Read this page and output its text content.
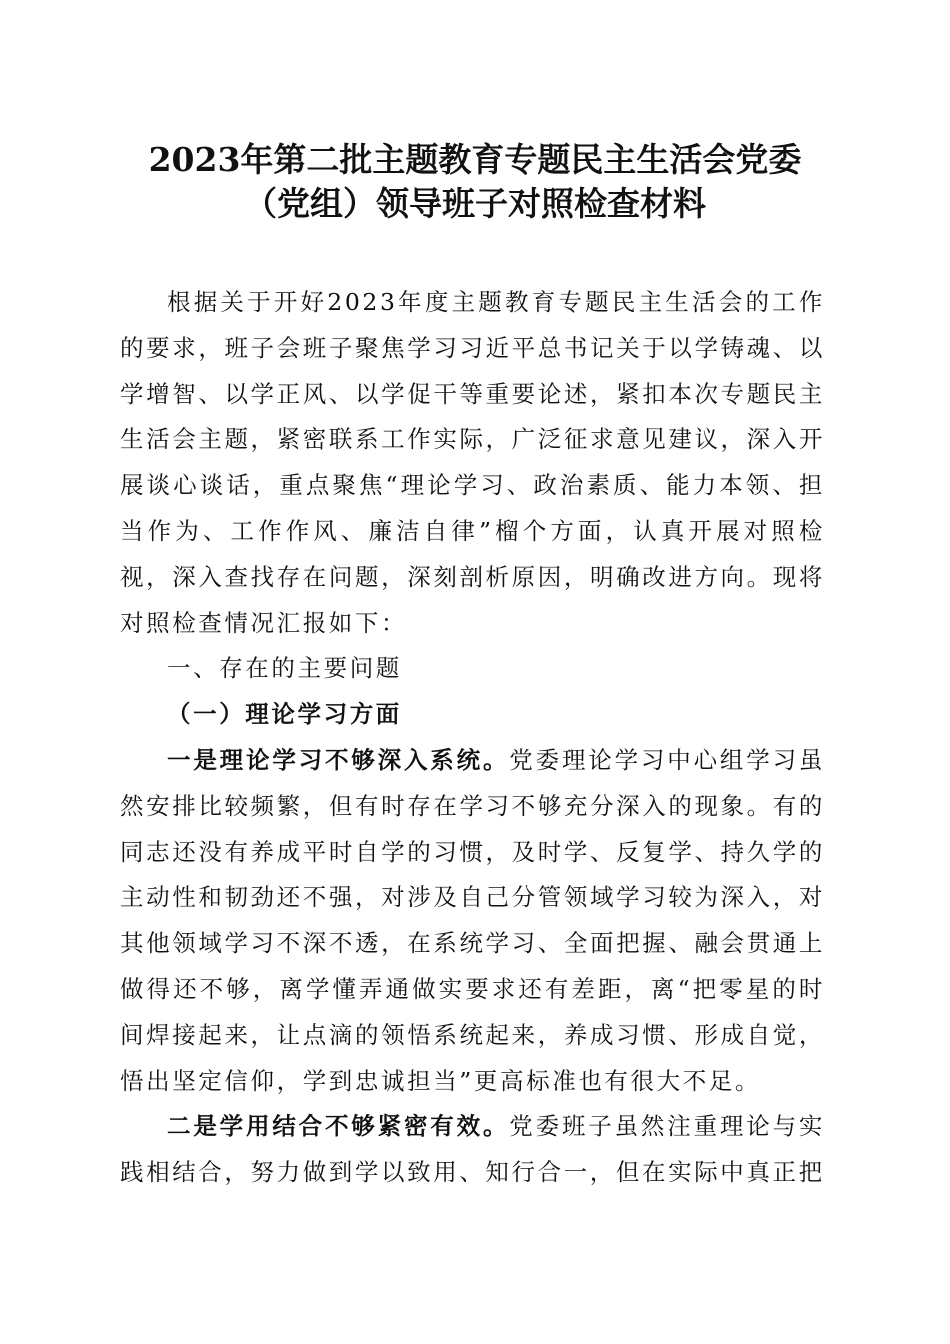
2023年第二批主题教育专题民主生活会党委
（党组）领导班子对照检查材料

根据关于开好2023年度主题教育专题民主生活会的工作的要求，班子会班子聚焦学习习近平总书记关于以学铸魂、以学增智、以学正风、以学促干等重要论述，紧扣本次专题民主生活会主题，紧密联系工作实际，广泛征求意见建议，深入开展谈心谈话，重点聚焦“理论学习、政治素质、能力本领、担当作为、工作作风、廉洁自律”榴个方面，认真开展对照检视，深入查找存在问题，深刻剖析原因，明确改进方向。现将对照检查情况汇报如下：

一、存在的主要问题

（一）理论学习方面

一是理论学习不够深入系统。党委理论学习中心组学习虽然安排比较频繁，但有时存在学习不够充分深入的现象。有的同志还没有养成平时自学的习惯，及时学、反复学、持久学的主动性和韧劲还不强，对涉及自己分管领域学习较为深入，对其他领域学习不深不透，在系统学习、全面把握、融会贯通上做得还不够，离学懂弄通做实要求还有差距，离“把零星的时间焊接起来，让点滴的领悟系统起来，养成习惯、形成自觉，悟出坚定信仰，学到忠诚担当”更高标准也有很大不足。

二是学用结合不够紧密有效。党委班子虽然注重理论与实践相结合，努力做到学以致用、知行合一，但在实际中真正把
